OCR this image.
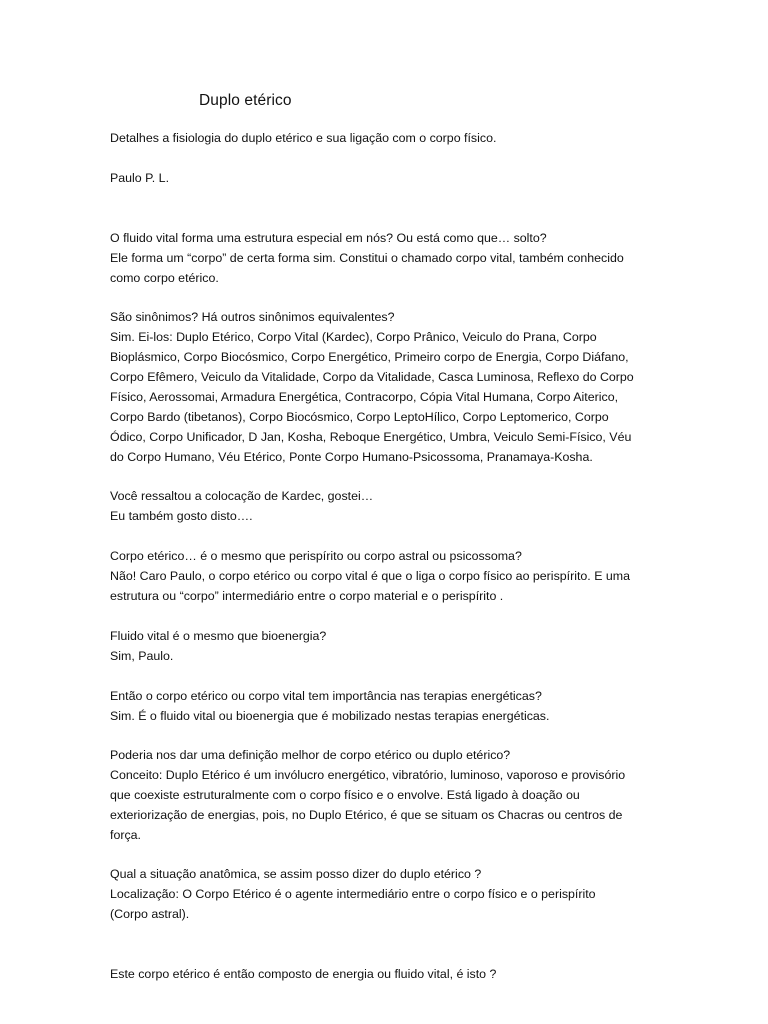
Duplo etérico
Detalhes a fisiologia do duplo etérico e sua ligação com o corpo físico.
Paulo P. L.
O fluido vital forma uma estrutura especial em nós? Ou está como que… solto?
Ele forma um “corpo” de certa forma sim. Constitui o chamado corpo vital, também conhecido
como corpo etérico.
São sinônimos? Há outros sinônimos equivalentes?
Sim. Ei-los: Duplo Etérico, Corpo Vital (Kardec), Corpo Prânico, Veiculo do Prana, Corpo
Bioplásmico, Corpo Biocósmico, Corpo Energético, Primeiro corpo de Energia, Corpo Diáfano,
Corpo Efêmero, Veiculo da Vitalidade, Corpo da Vitalidade, Casca Luminosa, Reflexo do Corpo
Físico, Aerossomai, Armadura Energética, Contracorpo, Cópia Vital Humana, Corpo Aiterico,
Corpo Bardo (tibetanos), Corpo Biocósmico, Corpo LeptoHílico, Corpo Leptomerico, Corpo
Ódico, Corpo Unificador, D Jan, Kosha, Reboque Energético, Umbra, Veiculo Semi-Físico, Véu
do Corpo Humano, Véu Etérico, Ponte Corpo Humano-Psicossoma, Pranamaya-Kosha.
Você ressaltou a colocação de Kardec, gostei…
Eu também gosto disto….
Corpo etérico… é o mesmo que perispírito ou corpo astral ou psicossoma?
Não! Caro Paulo, o corpo etérico ou corpo vital é que o liga o corpo físico ao perispírito. E uma
estrutura ou “corpo” intermediário entre o corpo material e o perispírito .
Fluido vital é o mesmo que bioenergia?
Sim, Paulo.
Então o corpo etérico ou corpo vital tem importância nas terapias energéticas?
Sim. É o fluido vital ou bioenergia que é mobilizado nestas terapias energéticas.
Poderia nos dar uma definição melhor de corpo etérico ou duplo etérico?
Conceito: Duplo Etérico é um invólucro energético, vibratório, luminoso, vaporoso e provisório
que coexiste estruturalmente com o corpo físico e o envolve. Está ligado à doação ou
exteriorização de energias, pois, no Duplo Etérico, é que se situam os Chacras ou centros de
força.
Qual a situação anatômica, se assim posso dizer do duplo etérico ?
Localização: O Corpo Etérico é o agente intermediário entre o corpo físico e o perispírito
(Corpo astral).
Este corpo etérico é então composto de energia ou fluido vital, é isto ?
